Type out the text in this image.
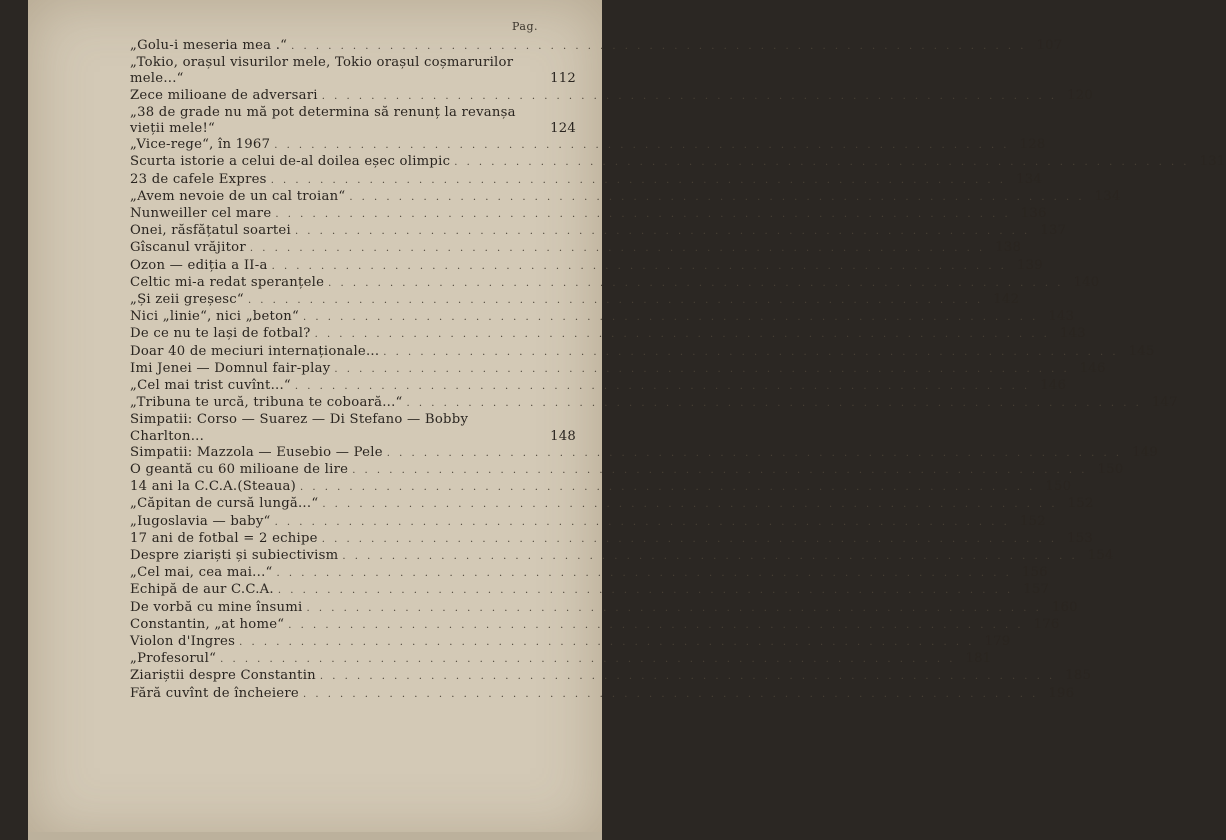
Pag.
„Golu-i meseria mea .“ . . . . . . . . . . . . . . . . . . . . . . . . . . . . . . . . . . . . . . . . . . . . . . . . . . . . . . . . . . . . 107
„Tokio, orașul visurilor mele, Tokio orașul coșmarurilor mele...“	112
Zece milioane de adversari . . . . . . . . . . . . . . . . . . . . . . . . . . . . . . . . . . . . . . . . . . . . . . . . . . . . . . . . . . . . 120
„38 de grade nu mă pot determina să renunț la revanșa vieții mele!“	124
„Vice-rege“, în 1967 . . . . . . . . . . . . . . . . . . . . . . . . . . . . . . . . . . . . . . . . . . . . . . . . . . . . . . . . . . . . 128
Scurta istorie a celui de-al doilea eșec olimpic . . . . . . . . . . . . . . . . . . . . . . . . . . . . . . . . . . . . . . . . . . . . . . . . . . . . . . . . . . . . 131
23 de cafele Expres . . . . . . . . . . . . . . . . . . . . . . . . . . . . . . . . . . . . . . . . . . . . . . . . . . . . . . . . . . . . 134
„Avem nevoie de un cal troian“ . . . . . . . . . . . . . . . . . . . . . . . . . . . . . . . . . . . . . . . . . . . . . . . . . . . . . . . . . . . . 134
Nunweiller cel mare . . . . . . . . . . . . . . . . . . . . . . . . . . . . . . . . . . . . . . . . . . . . . . . . . . . . . . . . . . . . 136
Onei, răsfățatul soartei . . . . . . . . . . . . . . . . . . . . . . . . . . . . . . . . . . . . . . . . . . . . . . . . . . . . . . . . . . . . 137
Gîscanul vrăjitor . . . . . . . . . . . . . . . . . . . . . . . . . . . . . . . . . . . . . . . . . . . . . . . . . . . . . . . . . . . . 138
Ozon — ediția a II-a . . . . . . . . . . . . . . . . . . . . . . . . . . . . . . . . . . . . . . . . . . . . . . . . . . . . . . . . . . . . 139
Celtic mi-a redat speranțele . . . . . . . . . . . . . . . . . . . . . . . . . . . . . . . . . . . . . . . . . . . . . . . . . . . . . . . . . . . . 140
„Și zeii greșesc“ . . . . . . . . . . . . . . . . . . . . . . . . . . . . . . . . . . . . . . . . . . . . . . . . . . . . . . . . . . . . 142
Nici „linie“, nici „beton“ . . . . . . . . . . . . . . . . . . . . . . . . . . . . . . . . . . . . . . . . . . . . . . . . . . . . . . . . . . . . 143
De ce nu te lași de fotbal? . . . . . . . . . . . . . . . . . . . . . . . . . . . . . . . . . . . . . . . . . . . . . . . . . . . . . . . . . . . . 143
Doar 40 de meciuri internaționale... . . . . . . . . . . . . . . . . . . . . . . . . . . . . . . . . . . . . . . . . . . . . . . . . . . . . . . . . . . . . 145
Imi Jenei — Domnul fair-play . . . . . . . . . . . . . . . . . . . . . . . . . . . . . . . . . . . . . . . . . . . . . . . . . . . . . . . . . . . . 146
„Cel mai trist cuvînt...“ . . . . . . . . . . . . . . . . . . . . . . . . . . . . . . . . . . . . . . . . . . . . . . . . . . . . . . . . . . . . 146
„Tribuna te urcă, tribuna te coboară...“ . . . . . . . . . . . . . . . . . . . . . . . . . . . . . . . . . . . . . . . . . . . . . . . . . . . . . . . . . . . . 147
Simpatii: Corso — Suarez — Di Stefano — Bobby Charlton...	148
Simpatii: Mazzola — Eusebio — Pele . . . . . . . . . . . . . . . . . . . . . . . . . . . . . . . . . . . . . . . . . . . . . . . . . . . . . . . . . . . . 149
O geantă cu 60 milioane de lire . . . . . . . . . . . . . . . . . . . . . . . . . . . . . . . . . . . . . . . . . . . . . . . . . . . . . . . . . . . . 150
14 ani la C.C.A.(Steaua) . . . . . . . . . . . . . . . . . . . . . . . . . . . . . . . . . . . . . . . . . . . . . . . . . . . . . . . . . . . . 150
„Căpitan de cursă lungă...“ . . . . . . . . . . . . . . . . . . . . . . . . . . . . . . . . . . . . . . . . . . . . . . . . . . . . . . . . . . . . 152
„Iugoslavia — baby“ . . . . . . . . . . . . . . . . . . . . . . . . . . . . . . . . . . . . . . . . . . . . . . . . . . . . . . . . . . . . 152
17 ani de fotbal = 2 echipe . . . . . . . . . . . . . . . . . . . . . . . . . . . . . . . . . . . . . . . . . . . . . . . . . . . . . . . . . . . . 153
Despre ziariști și subiectivism . . . . . . . . . . . . . . . . . . . . . . . . . . . . . . . . . . . . . . . . . . . . . . . . . . . . . . . . . . . . 154
„Cel mai, cea mai...“ . . . . . . . . . . . . . . . . . . . . . . . . . . . . . . . . . . . . . . . . . . . . . . . . . . . . . . . . . . . . 156
Echipă de aur C.C.A. . . . . . . . . . . . . . . . . . . . . . . . . . . . . . . . . . . . . . . . . . . . . . . . . . . . . . . . . . . . . 157
De vorbă cu mine însumi . . . . . . . . . . . . . . . . . . . . . . . . . . . . . . . . . . . . . . . . . . . . . . . . . . . . . . . . . . . . 160
Constantin, „at home“ . . . . . . . . . . . . . . . . . . . . . . . . . . . . . . . . . . . . . . . . . . . . . . . . . . . . . . . . . . . . 176
Violon d'Ingres . . . . . . . . . . . . . . . . . . . . . . . . . . . . . . . . . . . . . . . . . . . . . . . . . . . . . . . . . . . . 179
„Profesorul“ . . . . . . . . . . . . . . . . . . . . . . . . . . . . . . . . . . . . . . . . . . . . . . . . . . . . . . . . . . . . 181
Ziariștii despre Constantin . . . . . . . . . . . . . . . . . . . . . . . . . . . . . . . . . . . . . . . . . . . . . . . . . . . . . . . . . . . . 185
Fără cuvînt de încheiere . . . . . . . . . . . . . . . . . . . . . . . . . . . . . . . . . . . . . . . . . . . . . . . . . . . . . . . . . . . . 196
